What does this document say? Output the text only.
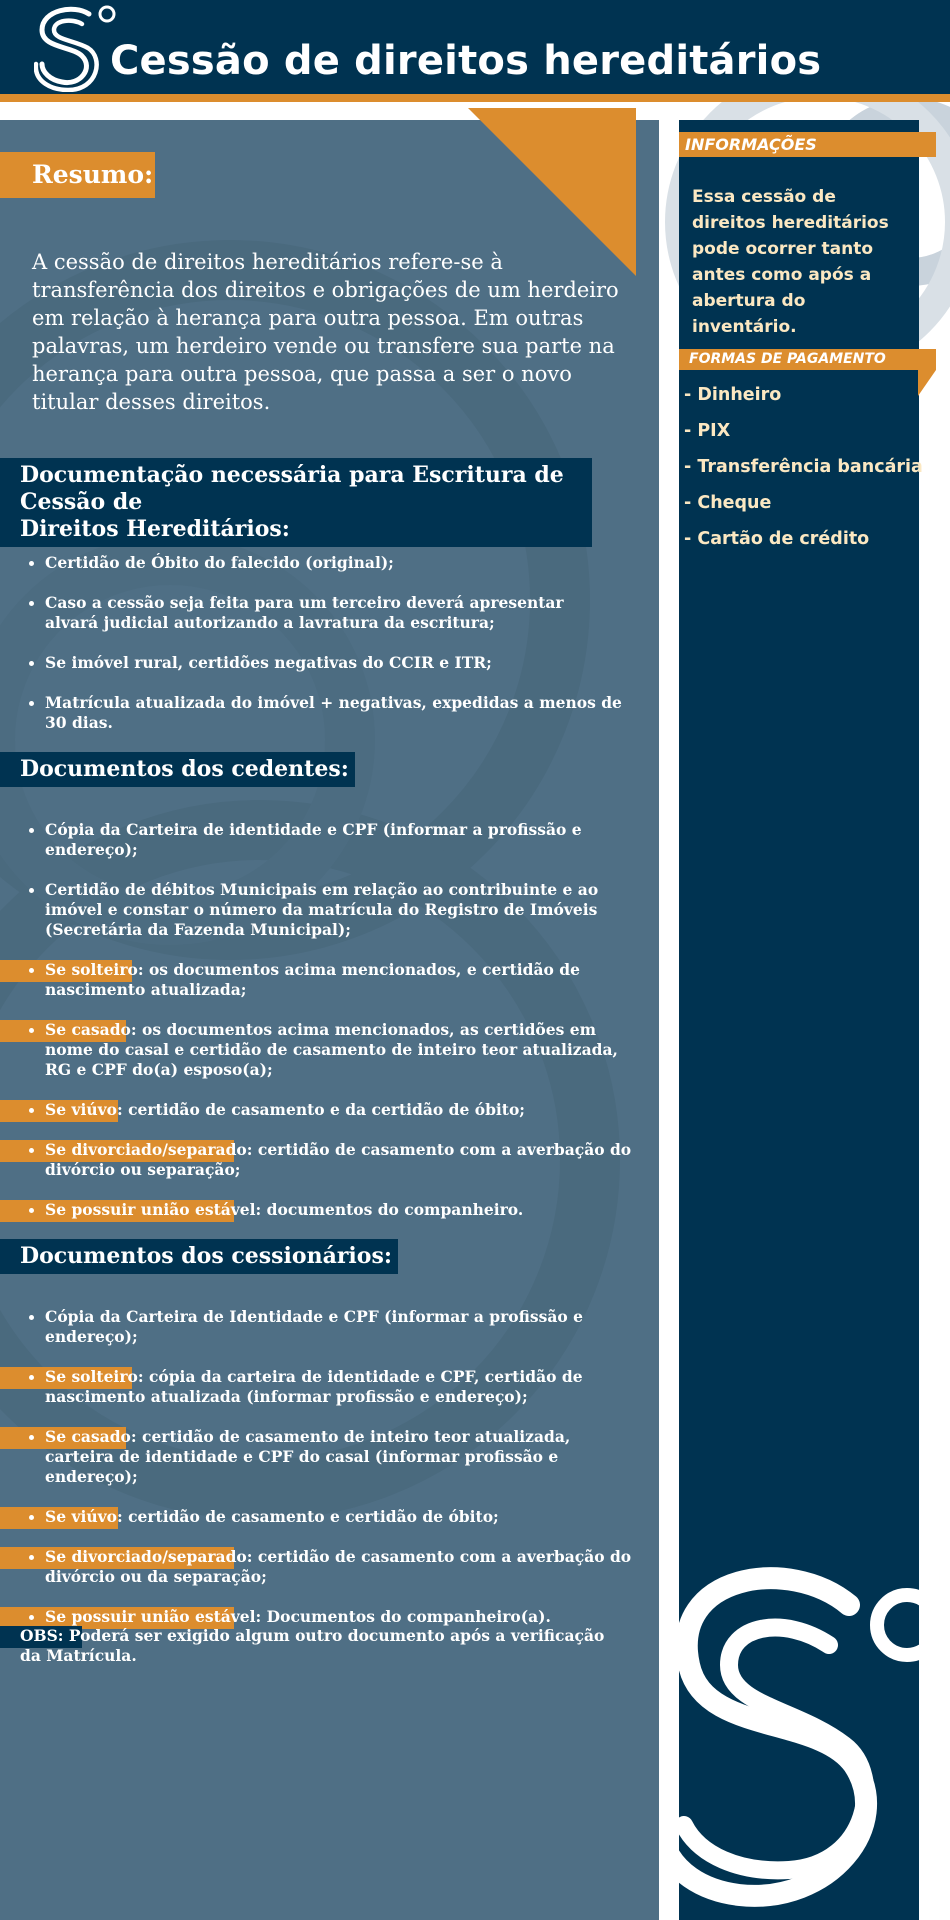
Cessão de direitos hereditários
Resumo:
A cessão de direitos hereditários refere-se à transferência dos direitos e obrigações de um herdeiro em relação à herança para outra pessoa. Em outras palavras, um herdeiro vende ou transfere sua parte na herança para outra pessoa, que passa a ser o novo titular desses direitos.
Documentação necessária para Escritura de Cessão de
Direitos Hereditários:
Certidão de Óbito do falecido (original);
Caso a cessão seja feita para um terceiro deverá apresentar alvará judicial autorizando a lavratura da escritura;
Se imóvel rural, certidões negativas do CCIR e ITR;
Matrícula atualizada do imóvel + negativas, expedidas a menos de 30 dias.
Documentos dos cedentes:
Cópia da Carteira de identidade e CPF (informar a profissão e endereço);
Certidão de débitos Municipais em relação ao contribuinte e ao imóvel e constar o número da matrícula do Registro de Imóveis (Secretária da Fazenda Municipal);
Se solteiro: os documentos acima mencionados, e certidão de nascimento atualizada;
Se casado: os documentos acima mencionados, as certidões em nome do casal e certidão de casamento de inteiro teor atualizada, RG e CPF do(a) esposo(a);
Se viúvo: certidão de casamento e da certidão de óbito;
Se divorciado/separado: certidão de casamento com a averbação do divórcio ou separação;
Se possuir união estável: documentos do companheiro.
Documentos dos cessionários:
Cópia da Carteira de Identidade e CPF (informar a profissão e endereço);
Se solteiro: cópia da carteira de identidade e CPF, certidão de nascimento atualizada (informar profissão e endereço);
Se casado: certidão de casamento de inteiro teor atualizada, carteira de identidade e CPF do casal (informar profissão e endereço);
Se viúvo: certidão de casamento e certidão de óbito;
Se divorciado/separado: certidão de casamento com a averbação do divórcio ou da separação;
Se possuir união estável: Documentos do companheiro(a).
OBS: Poderá ser exigido algum outro documento após a verificação da Matrícula.
INFORMAÇÕES
Essa cessão de direitos hereditários pode ocorrer tanto antes como após a abertura do inventário.
FORMAS DE PAGAMENTO
- Dinheiro
- PIX
- Transferência bancária
- Cheque
- Cartão de crédito
